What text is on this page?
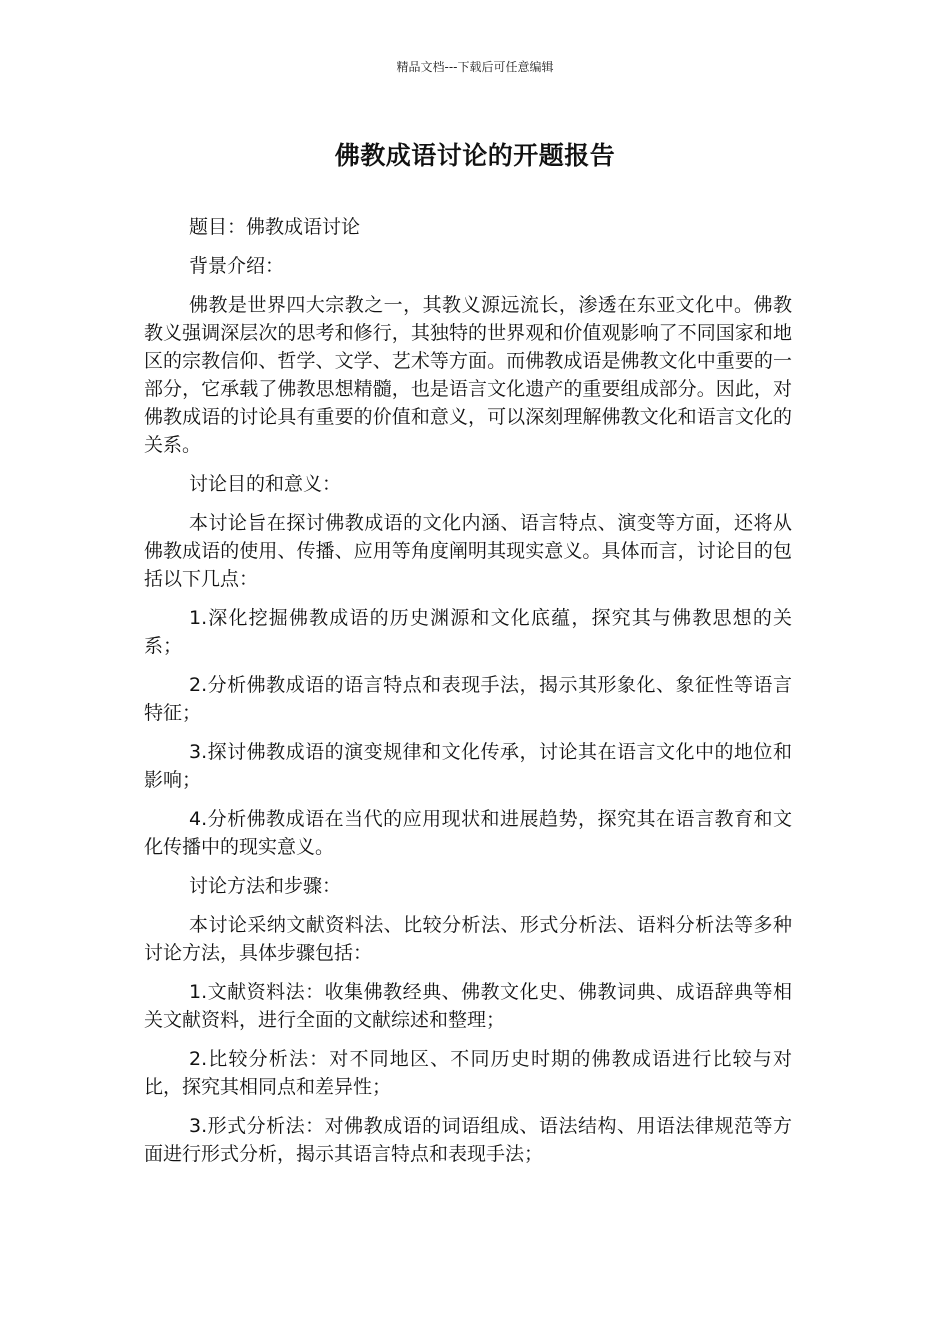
精品文档---下载后可任意编辑
佛教成语讨论的开题报告

题目：佛教成语讨论

背景介绍：

佛教是世界四大宗教之一，其教义源远流长，渗透在东亚文化中。佛教教义强调深层次的思考和修行，其独特的世界观和价值观影响了不同国家和地区的宗教信仰、哲学、文学、艺术等方面。而佛教成语是佛教文化中重要的一部分，它承载了佛教思想精髓，也是语言文化遗产的重要组成部分。因此，对佛教成语的讨论具有重要的价值和意义，可以深刻理解佛教文化和语言文化的关系。

讨论目的和意义：

本讨论旨在探讨佛教成语的文化内涵、语言特点、演变等方面，还将从佛教成语的使用、传播、应用等角度阐明其现实意义。具体而言，讨论目的包括以下几点：

1.深化挖掘佛教成语的历史渊源和文化底蕴，探究其与佛教思想的关系；

2.分析佛教成语的语言特点和表现手法，揭示其形象化、象征性等语言特征；

3.探讨佛教成语的演变规律和文化传承，讨论其在语言文化中的地位和影响；

4.分析佛教成语在当代的应用现状和进展趋势，探究其在语言教育和文化传播中的现实意义。

讨论方法和步骤：

本讨论采纳文献资料法、比较分析法、形式分析法、语料分析法等多种讨论方法，具体步骤包括：

1.文献资料法：收集佛教经典、佛教文化史、佛教词典、成语辞典等相关文献资料，进行全面的文献综述和整理；

2.比较分析法：对不同地区、不同历史时期的佛教成语进行比较与对比，探究其相同点和差异性；

3.形式分析法：对佛教成语的词语组成、语法结构、用语法律规范等方面进行形式分析，揭示其语言特点和表现手法；
